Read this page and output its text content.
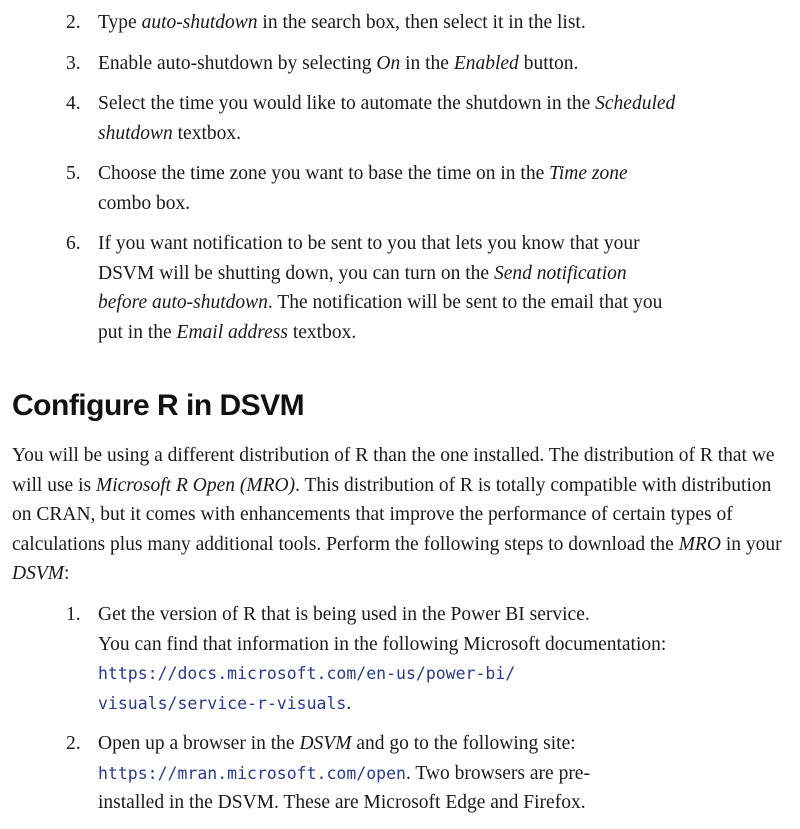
2. Type auto-shutdown in the search box, then select it in the list.
3. Enable auto-shutdown by selecting On in the Enabled button.
4. Select the time you would like to automate the shutdown in the Scheduled shutdown textbox.
5. Choose the time zone you want to base the time on in the Time zone combo box.
6. If you want notification to be sent to you that lets you know that your DSVM will be shutting down, you can turn on the Send notification before auto-shutdown. The notification will be sent to the email that you put in the Email address textbox.
Configure R in DSVM
You will be using a different distribution of R than the one installed. The distribution of R that we will use is Microsoft R Open (MRO). This distribution of R is totally compatible with distribution on CRAN, but it comes with enhancements that improve the performance of certain types of calculations plus many additional tools. Perform the following steps to download the MRO in your DSVM:
1. Get the version of R that is being used in the Power BI service.
You can find that information in the following Microsoft documentation: https://docs.microsoft.com/en-us/power-bi/
visuals/service-r-visuals.
2. Open up a browser in the DSVM and go to the following site:
https://mran.microsoft.com/open. Two browsers are pre-
installed in the DSVM. These are Microsoft Edge and Firefox.
